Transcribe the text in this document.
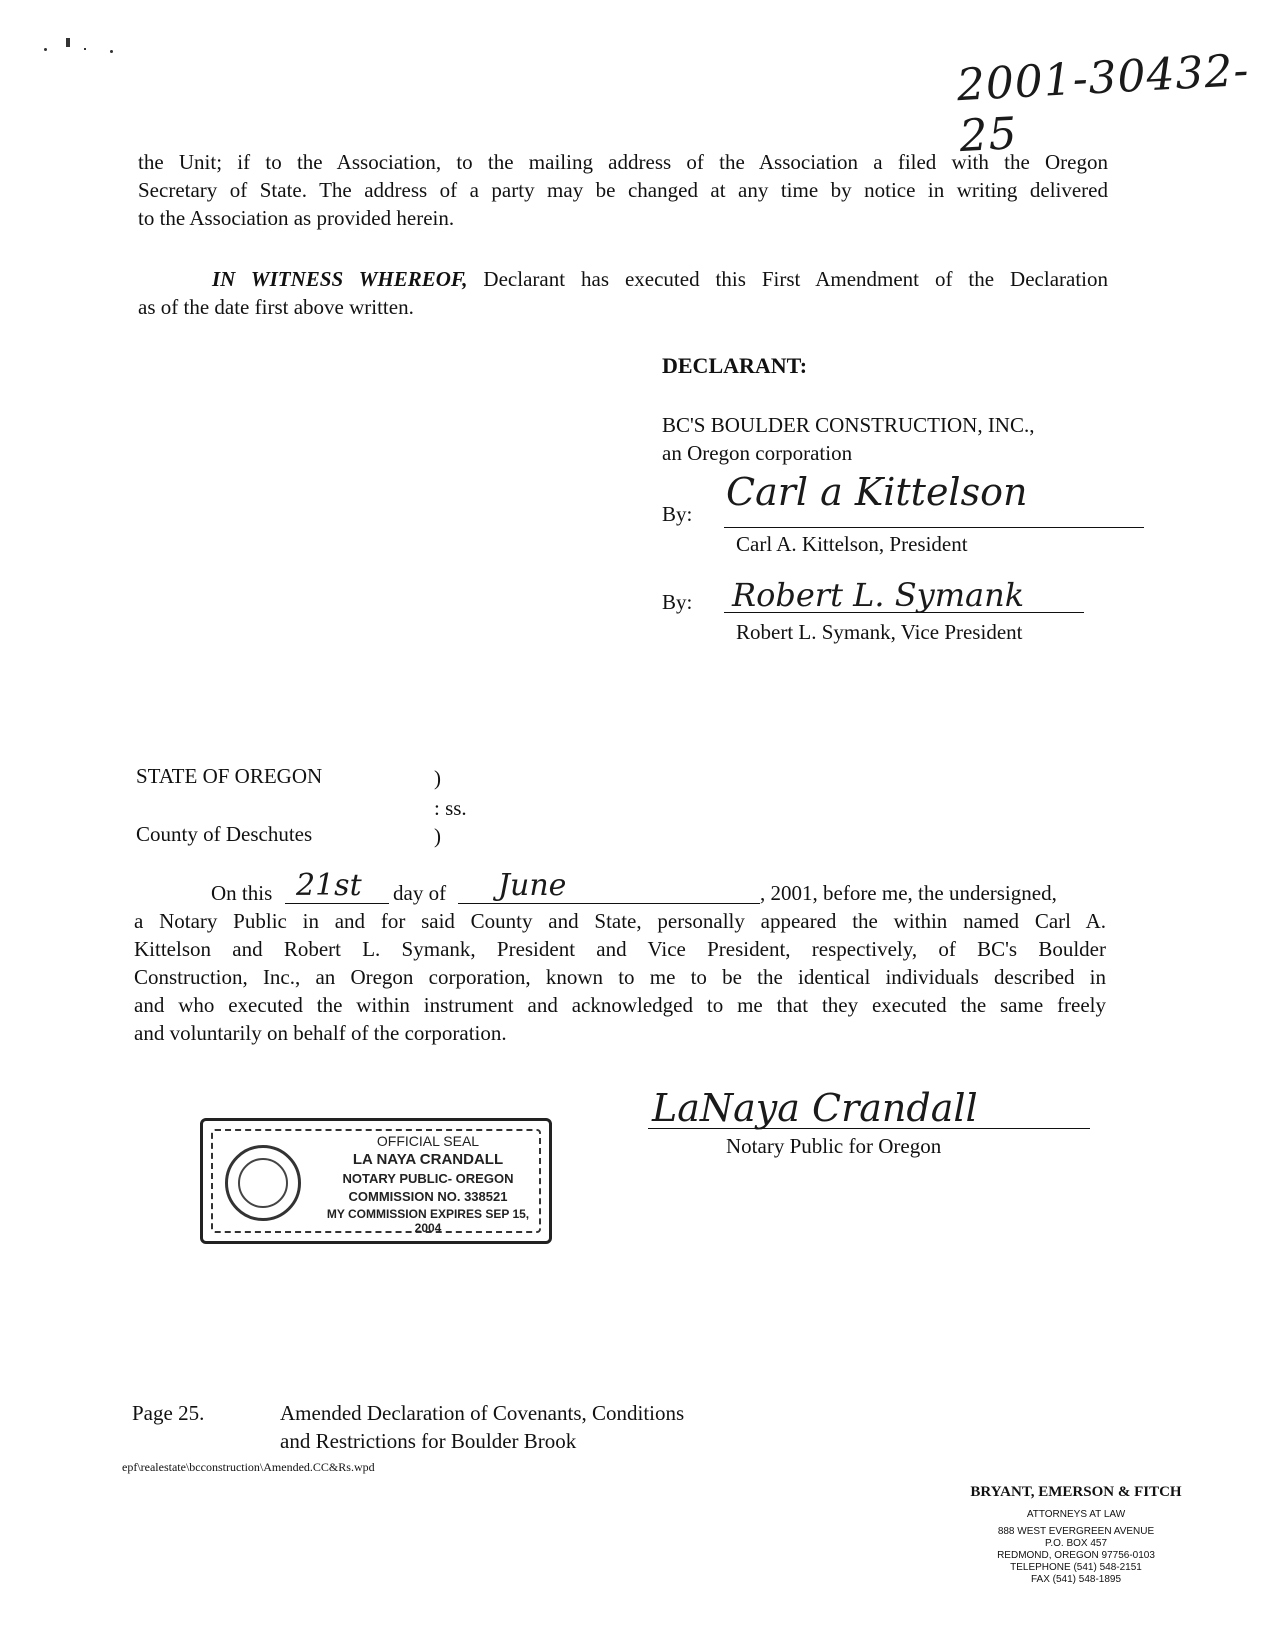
2001-30432-25
the Unit; if to the Association, to the mailing address of the Association a filed with the Oregon
Secretary of State. The address of a party may be changed at any time by notice in writing delivered
to the Association as provided herein.
IN WITNESS WHEREOF, Declarant has executed this First Amendment of the Declaration
as of the date first above written.
DECLARANT:
BC'S BOULDER CONSTRUCTION, INC.,
an Oregon corporation
By: Carl a Kittelson
Carl A. Kittelson, President
By: Robert L. Symank
Robert L. Symank, Vice President
STATE OF OREGON	)
: ss.
County of Deschutes	)
On this 21st day of June	, 2001, before me, the undersigned,
a Notary Public in and for said County and State, personally appeared the within named Carl A.
Kittelson and Robert L. Symank, President and Vice President, respectively, of BC's Boulder
Construction, Inc., an Oregon corporation, known to me to be the identical individuals described in
and who executed the within instrument and acknowledged to me that they executed the same freely
and voluntarily on behalf of the corporation.
OFFICIAL SEAL
LA NAYA CRANDALL
NOTARY PUBLIC- OREGON
COMMISSION NO. 338521
MY COMMISSION EXPIRES SEP 15, 2004
LaNaya Crandall
Notary Public for Oregon
Page 25.	Amended Declaration of Covenants, Conditions
and Restrictions for Boulder Brook
epf\realestate\bcconstruction\Amended.CC&Rs.wpd
BRYANT, EMERSON & FITCH
ATTORNEYS AT LAW
888 WEST EVERGREEN AVENUE
P.O. BOX 457
REDMOND, OREGON 97756-0103
TELEPHONE (541) 548-2151
FAX (541) 548-1895
